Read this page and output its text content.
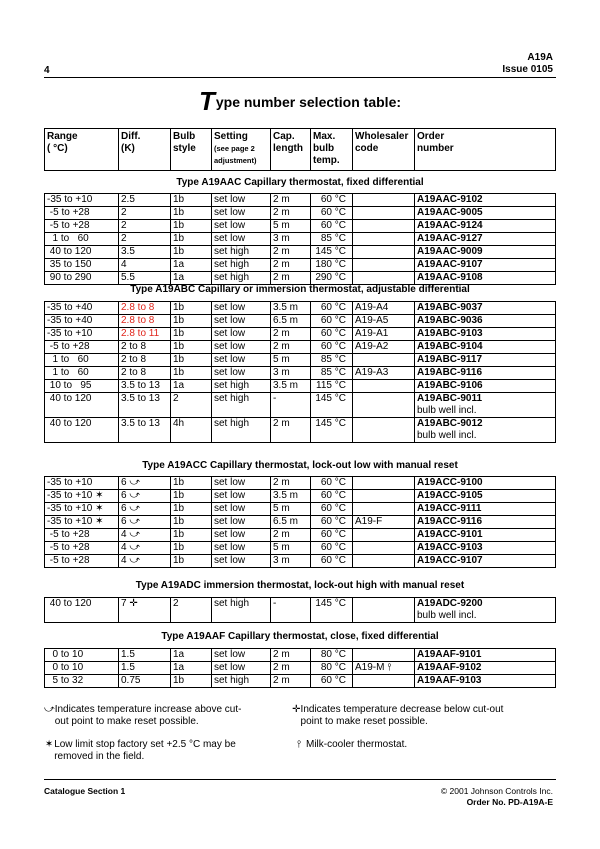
A19A
Issue 0105
4
Type number selection table:
Range
( °C)

Diff.
(K)

Bulb
style

Setting
(see page 2
adjustment)

Cap.
length

Max.
bulb
temp.

Wholesaler
code

Order
number
Type A19AAC Capillary thermostat, fixed differential
-35 to +10	2.5	1b	set low	2 m	60 °C		A19AAC-9102
-5 to +28	2	1b	set low	2 m	60 °C		A19AAC-9005
-5 to +28	2	1b	set low	5 m	60 °C		A19AAC-9124
1 to   60	2	1b	set low	3 m	85 °C		A19AAC-9127
40 to 120	3.5	1b	set high	2 m	145 °C		A19AAC-9009
35 to 150	4	1a	set high	2 m	180 °C		A19AAC-9107
90 to 290	5.5	1a	set high	2 m	290 °C		A19AAC-9108
Type A19ABC Capillary or immersion thermostat, adjustable differential
-35 to +40	2.8 to 8	1b	set low	3.5 m	60 °C	A19-A4	A19ABC-9037
-35 to +40	2.8 to 8	1b	set low	6.5 m	60 °C	A19-A5	A19ABC-9036
-35 to +10	2.8 to 11	1b	set low	2 m	60 °C	A19-A1	A19ABC-9103
-5 to +28	2 to 8	1b	set low	2 m	60 °C	A19-A2	A19ABC-9104
1 to   60	2 to 8	1b	set low	5 m	85 °C		A19ABC-9117
1 to   60	2 to 8	1b	set low	3 m	85 °C	A19-A3	A19ABC-9116
10 to   95	3.5 to 13	1a	set high	3.5 m	115 °C		A19ABC-9106
40 to 120	3.5 to 13	2	set high	-	145 °C		A19ABC-9011
bulb well incl.

40 to 120	3.5 to 13	4h	set high	2 m	145 °C		A19ABC-9012
bulb well incl.
Type A19ACC Capillary thermostat, lock-out low with manual reset
-35 to +10	6 ⤻	1b	set low	2 m	60 °C		A19ACC-9100
-35 to +10 ✶	6 ⤻	1b	set low	3.5 m	60 °C		A19ACC-9105
-35 to +10 ✶	6 ⤻	1b	set low	5 m	60 °C		A19ACC-9111
-35 to +10 ✶	6 ⤻	1b	set low	6.5 m	60 °C	A19-F	A19ACC-9116
-5 to +28	4 ⤻	1b	set low	2 m	60 °C		A19ACC-9101
-5 to +28	4 ⤻	1b	set low	5 m	60 °C		A19ACC-9103
-5 to +28	4 ⤻	1b	set low	3 m	60 °C		A19ACC-9107
Type A19ADC immersion thermostat, lock-out high with manual reset
40 to 120	7 ✛	2	set high	-	145 °C		A19ADC-9200
bulb well incl.
Type A19AAF Capillary thermostat, close, fixed differential
0 to 10	1.5	1a	set low	2 m	80 °C		A19AAF-9101
0 to 10	1.5	1a	set low	2 m	80 °C	A19-M ⫯	A19AAF-9102
5 to 32	0.75	1b	set high	2 m	60 °C		A19AAF-9103
⤻ Indicates temperature increase above cut-out point to make reset possible.
✛ Indicates temperature decrease below cut-out point to make reset possible.
✶ Low limit stop factory set +2.5 °C may be removed in the field.
⫯ Milk-cooler thermostat.
Catalogue Section 1	© 2001 Johnson Controls Inc.
Order No. PD-A19A-E
